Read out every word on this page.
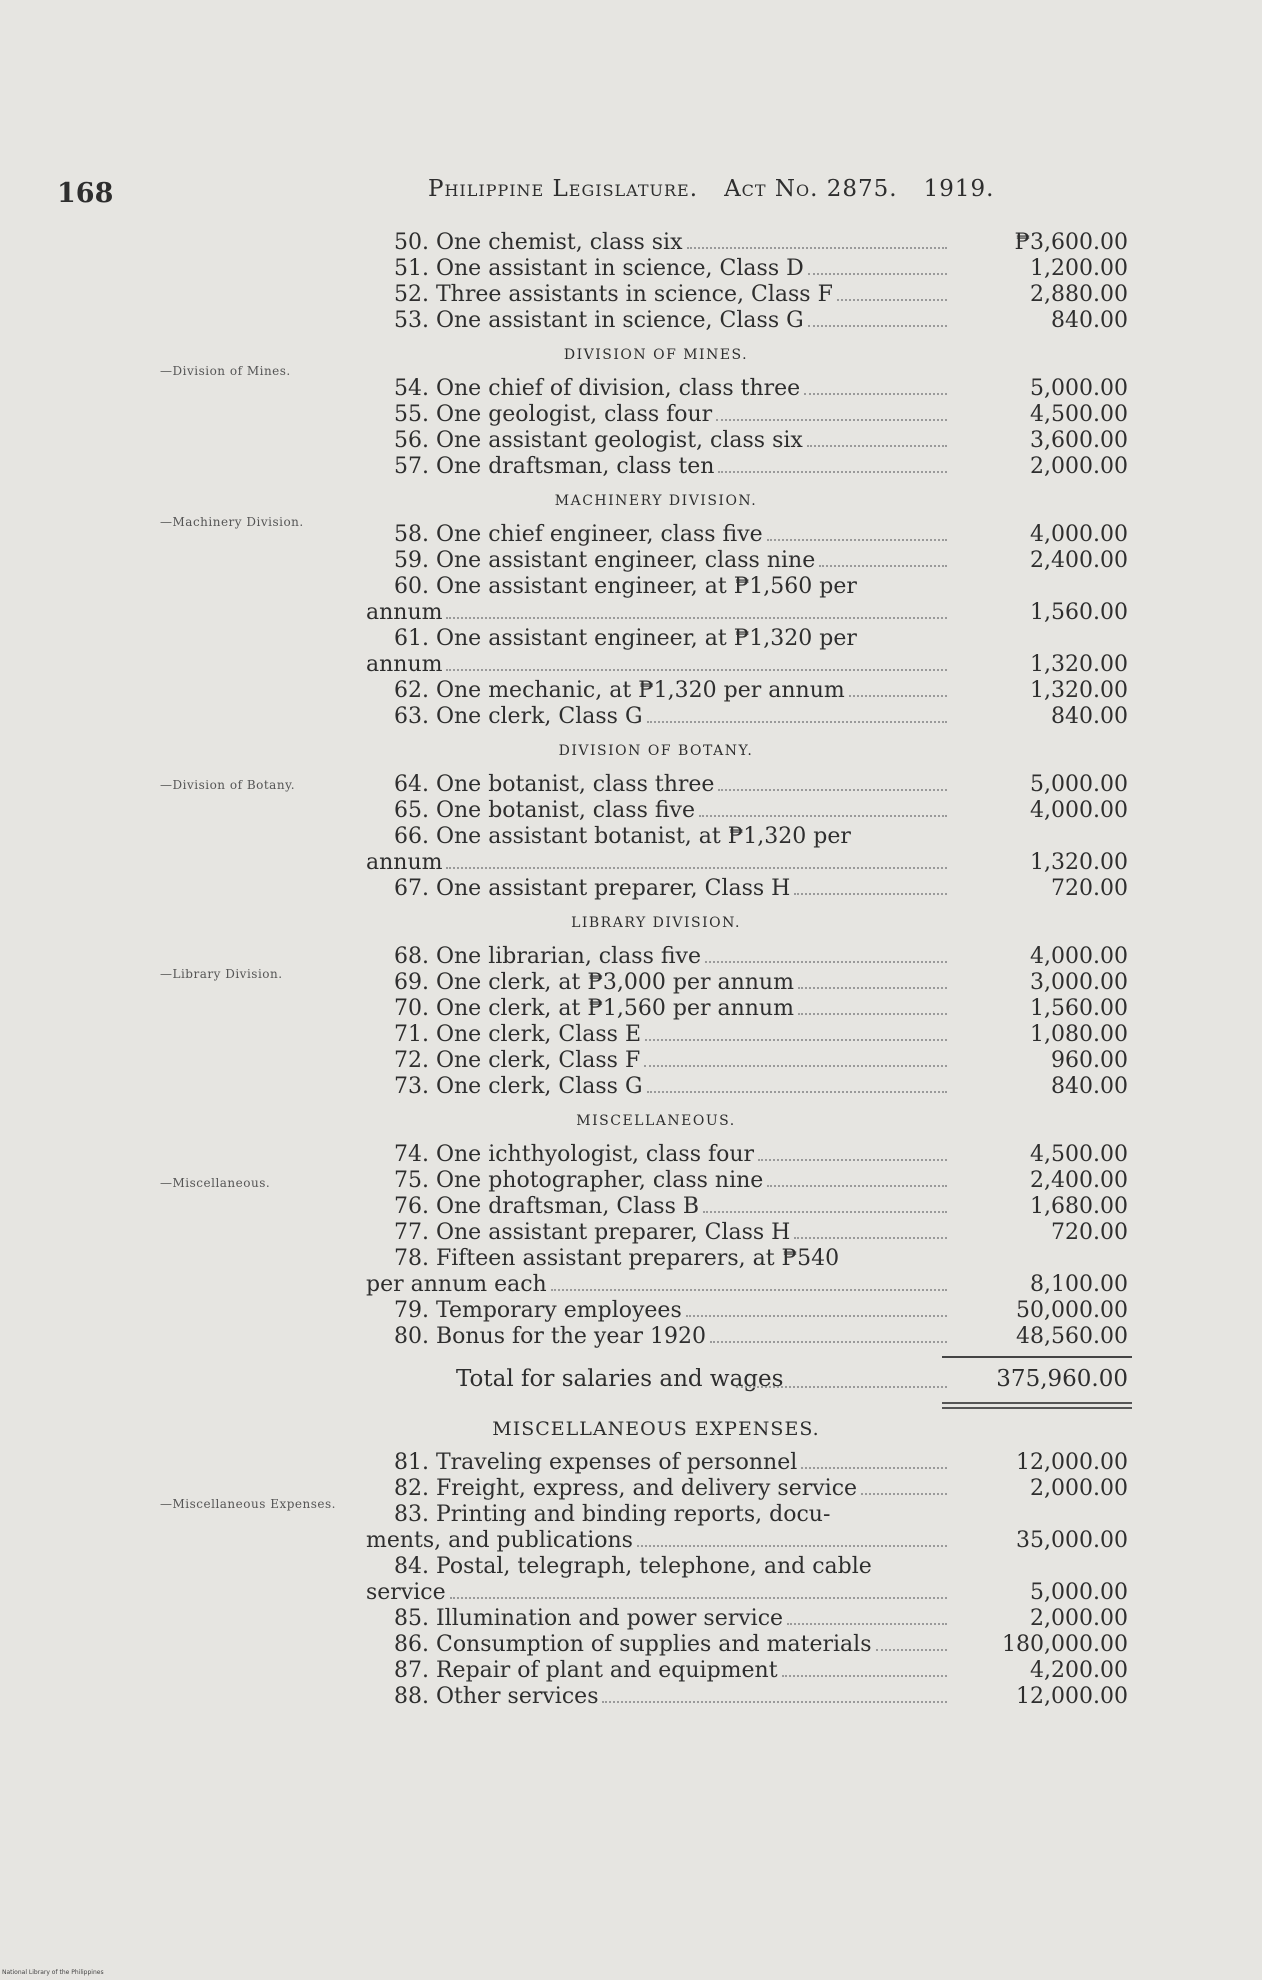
168	Philippine Legislature. Act No. 2875. 1919.
—Division of Mines.
—Machinery Division.
—Division of Botany.
—Library Division.
—Miscellaneous.
—Miscellaneous Expenses.
50. One chemist, class six	₱3,600.00
51. One assistant in science, Class D	1,200.00
52. Three assistants in science, Class F	2,880.00
53. One assistant in science, Class G	840.00
DIVISION OF MINES.
54. One chief of division, class three	5,000.00
55. One geologist, class four	4,500.00
56. One assistant geologist, class six	3,600.00
57. One draftsman, class ten	2,000.00
MACHINERY DIVISION.
58. One chief engineer, class five	4,000.00
59. One assistant engineer, class nine	2,400.00
60. One assistant engineer, at ₱1,560 per
annum	1,560.00
61. One assistant engineer, at ₱1,320 per
annum	1,320.00
62. One mechanic, at ₱1,320 per annum	1,320.00
63. One clerk, Class G	840.00
DIVISION OF BOTANY.
64. One botanist, class three	5,000.00
65. One botanist, class five	4,000.00
66. One assistant botanist, at ₱1,320 per
annum	1,320.00
67. One assistant preparer, Class H	720.00
LIBRARY DIVISION.
68. One librarian, class five	4,000.00
69. One clerk, at ₱3,000 per annum	3,000.00
70. One clerk, at ₱1,560 per annum	1,560.00
71. One clerk, Class E	1,080.00
72. One clerk, Class F	960.00
73. One clerk, Class G	840.00
MISCELLANEOUS.
74. One ichthyologist, class four	4,500.00
75. One photographer, class nine	2,400.00
76. One draftsman, Class B	1,680.00
77. One assistant preparer, Class H	720.00
78. Fifteen assistant preparers, at ₱540
per annum each	8,100.00
79. Temporary employees	50,000.00
80. Bonus for the year 1920	48,560.00
Total for salaries and wages	375,960.00
MISCELLANEOUS EXPENSES.
81. Traveling expenses of personnel	12,000.00
82. Freight, express, and delivery service	2,000.00
83. Printing and binding reports, docu-
ments, and publications	35,000.00
84. Postal, telegraph, telephone, and cable
service	5,000.00
85. Illumination and power service	2,000.00
86. Consumption of supplies and materials	180,000.00
87. Repair of plant and equipment	4,200.00
88. Other services	12,000.00
National Library of the Philippines
